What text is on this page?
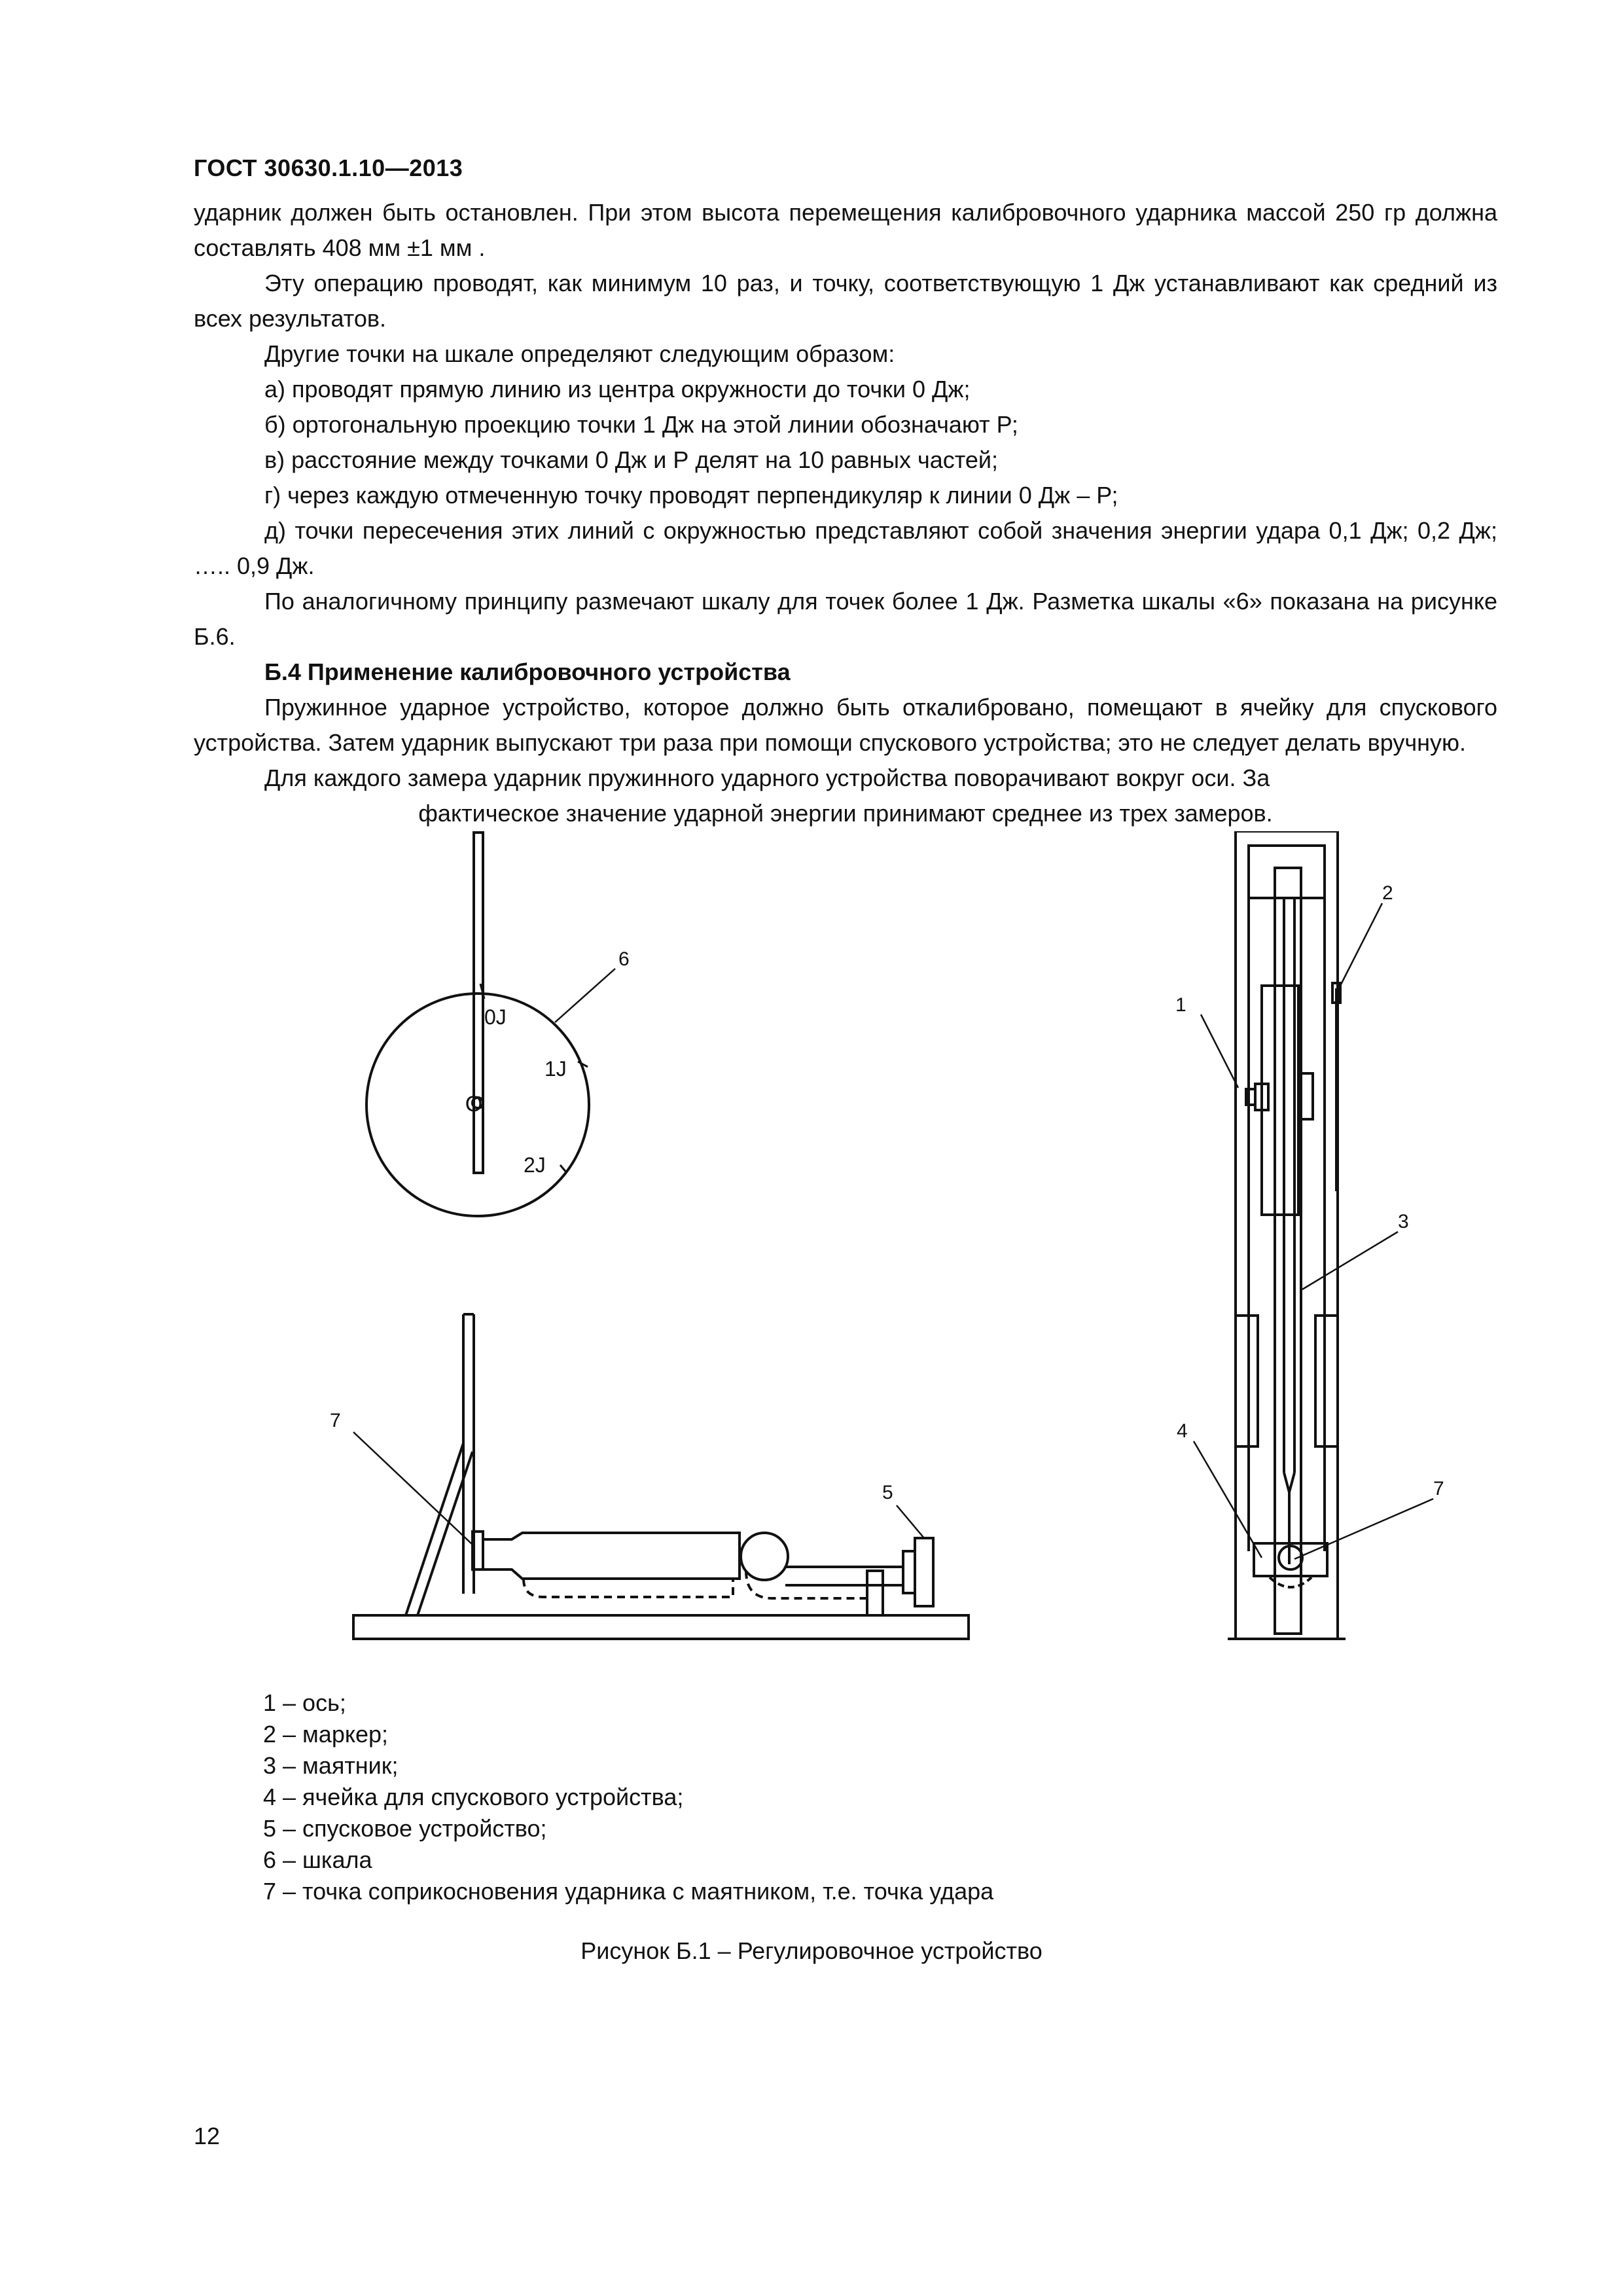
ГОСТ 30630.1.10—2013

ударник должен быть остановлен. При этом высота перемещения калибровочного ударника массой 250 гр должна составлять 408 мм ±1 мм .

Эту операцию проводят, как минимум 10 раз, и точку, соответствующую 1 Дж устанавливают как средний из всех результатов.

Другие точки на шкале определяют следующим образом:

а) проводят прямую линию из центра окружности до точки 0 Дж;

б) ортогональную проекцию точки 1 Дж на этой линии обозначают Р;

в) расстояние между точками 0 Дж и Р делят на 10 равных частей;

г) через каждую отмеченную точку проводят перпендикуляр к линии 0 Дж – Р;

д) точки пересечения этих линий с окружностью представляют собой значения энергии удара 0,1 Дж; 0,2 Дж; ….. 0,9 Дж.

По аналогичному принципу размечают шкалу для точек более 1 Дж. Разметка шкалы «6» показана на рисунке Б.6.

Б.4 Применение калибровочного устройства

Пружинное ударное устройство, которое должно быть откалибровано, помещают в ячейку для спускового устройства. Затем ударник выпускают три раза при помощи спускового устройства; это не следует делать вручную.

Для каждого замера ударник пружинного ударного устройства поворачивают вокруг оси. За

фактическое значение ударной энергии принимают среднее из трех замеров.

0J
1J
2J
O
6
7
5
1
2
3
4
7
1 – ось;
2 – маркер;
3 – маятник;
4 – ячейка для спускового устройства;
5 – спусковое устройство;
6 – шкала
7 – точка соприкосновения ударника с маятником, т.е. точка удара
Рисунок Б.1 – Регулировочное устройство
12
